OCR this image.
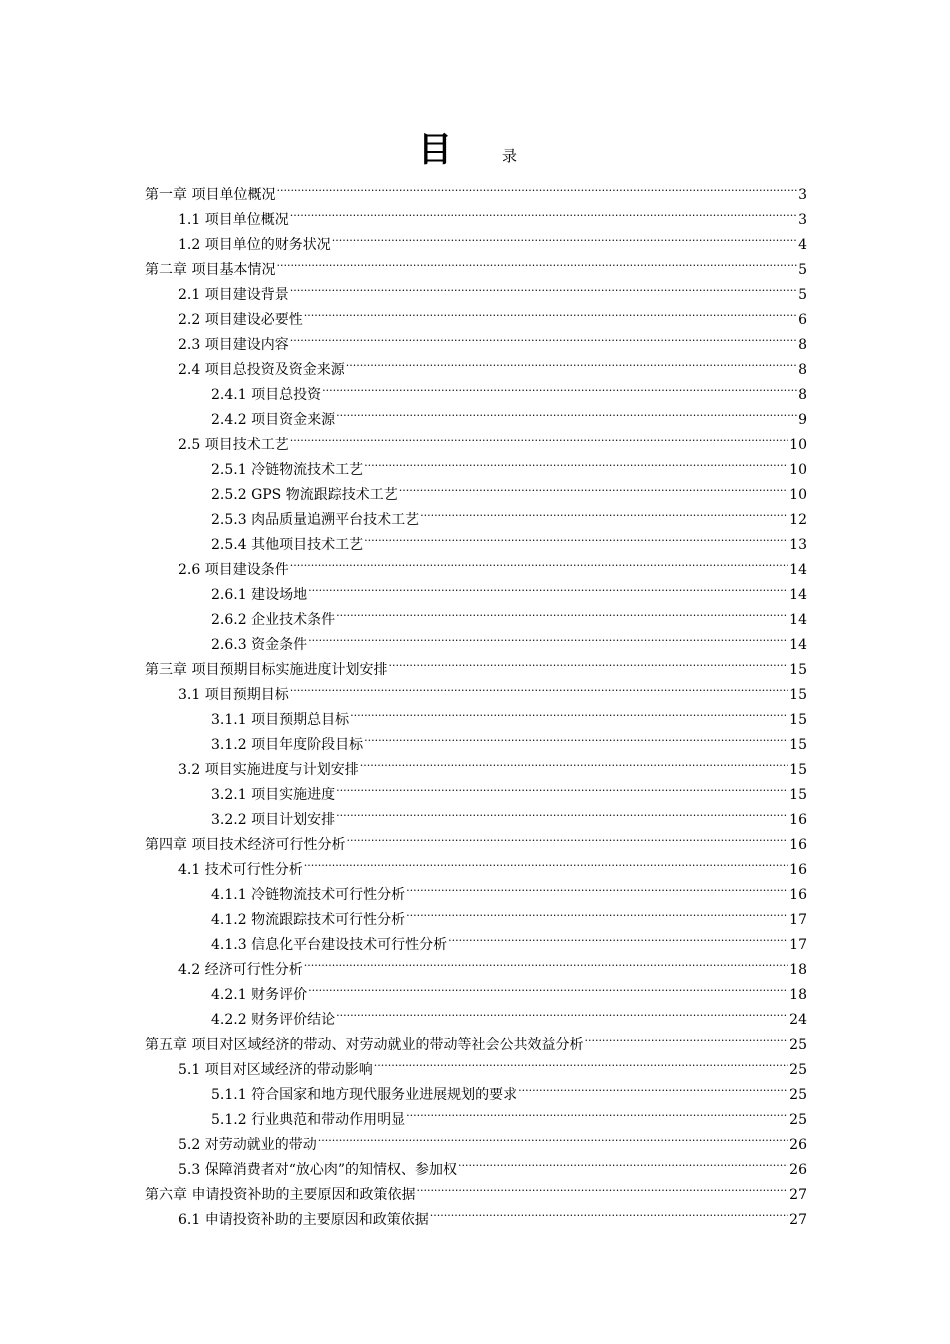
目	录
第一章 项目单位概况 .....	3
1.1 项目单位概况 .....	3
1.2 项目单位的财务状况 .....	4
第二章 项目基本情况 .....	5
2.1 项目建设背景 .....	5
2.2 项目建设必要性 .....	6
2.3 项目建设内容 .....	8
2.4 项目总投资及资金来源 .....	8
2.4.1 项目总投资 .....	8
2.4.2 项目资金来源 .....	9
2.5 项目技术工艺 .....	10
2.5.1 冷链物流技术工艺 .....	10
2.5.2 GPS 物流跟踪技术工艺 .....	10
2.5.3 肉品质量追溯平台技术工艺 .....	12
2.5.4 其他项目技术工艺 .....	13
2.6 项目建设条件 .....	14
2.6.1 建设场地 .....	14
2.6.2 企业技术条件 .....	14
2.6.3 资金条件 .....	14
第三章 项目预期目标实施进度计划安排 .....	15
3.1 项目预期目标 .....	15
3.1.1 项目预期总目标 .....	15
3.1.2 项目年度阶段目标 .....	15
3.2 项目实施进度与计划安排 .....	15
3.2.1 项目实施进度 .....	15
3.2.2 项目计划安排 .....	16
第四章 项目技术经济可行性分析 .....	16
4.1 技术可行性分析 .....	16
4.1.1 冷链物流技术可行性分析 .....	16
4.1.2 物流跟踪技术可行性分析 .....	17
4.1.3 信息化平台建设技术可行性分析 .....	17
4.2 经济可行性分析 .....	18
4.2.1 财务评价 .....	18
4.2.2 财务评价结论 .....	24
第五章 项目对区域经济的带动、对劳动就业的带动等社会公共效益分析 .....	25
5.1 项目对区域经济的带动影响 .....	25
5.1.1 符合国家和地方现代服务业进展规划的要求 .....	25
5.1.2 行业典范和带动作用明显 .....	25
5.2 对劳动就业的带动 .....	26
5.3 保障消费者对“放心肉”的知情权、参加权 .....	26
第六章 申请投资补助的主要原因和政策依据 .....	27
6.1 申请投资补助的主要原因和政策依据 .....	27
